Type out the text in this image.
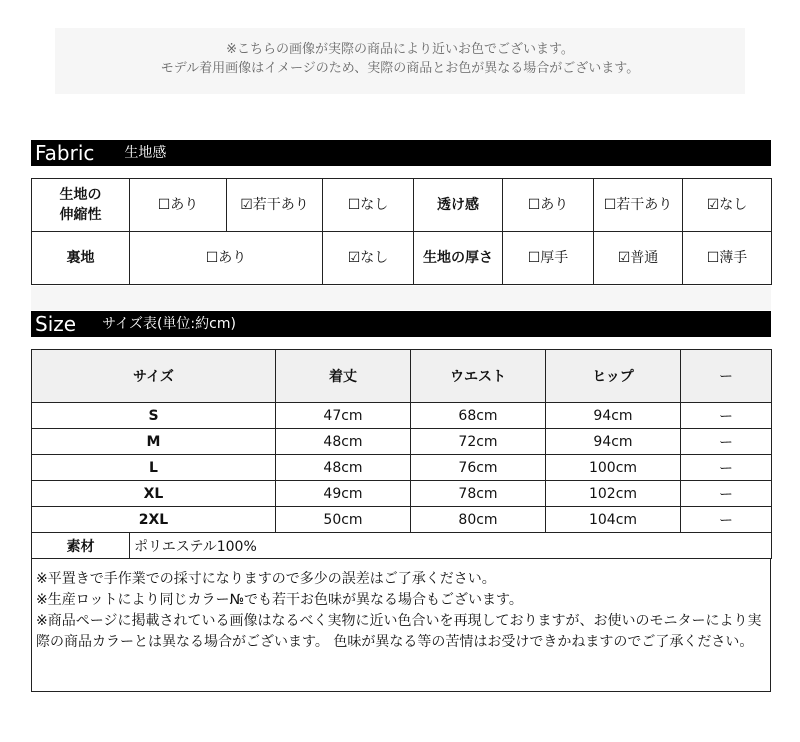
※こちらの画像が実際の商品により近いお色でございます。
モデル着用画像はイメージのため、実際の商品とお色が異なる場合がございます。
Fabric 生地感
生地の
伸縮性	☐あり	☑若干あり	☐なし	透け感	☐あり	☐若干あり	☑なし
裏地	☐あり		☑なし	生地の厚さ	☐厚手	☑普通	☐薄手
Size サイズ表(単位:約cm)
サイズ	着丈	ウエスト	ヒップ	ー
S	47cm	68cm	94cm	ー
M	48cm	72cm	94cm	ー
L	48cm	76cm	100cm	ー
XL	49cm	78cm	102cm	ー
2XL	50cm	80cm	104cm	ー
素材	ポリエステル100%
※平置きで手作業での採寸になりますので多少の誤差はご了承ください。
※生産ロットにより同じカラー№でも若干お色味が異なる場合もございます。
※商品ページに掲載されている画像はなるべく実物に近い色合いを再現しておりますが、お使いのモニターにより実際の商品カラーとは異なる場合がございます。 色味が異なる等の苦情はお受けできかねますのでご了承ください。
